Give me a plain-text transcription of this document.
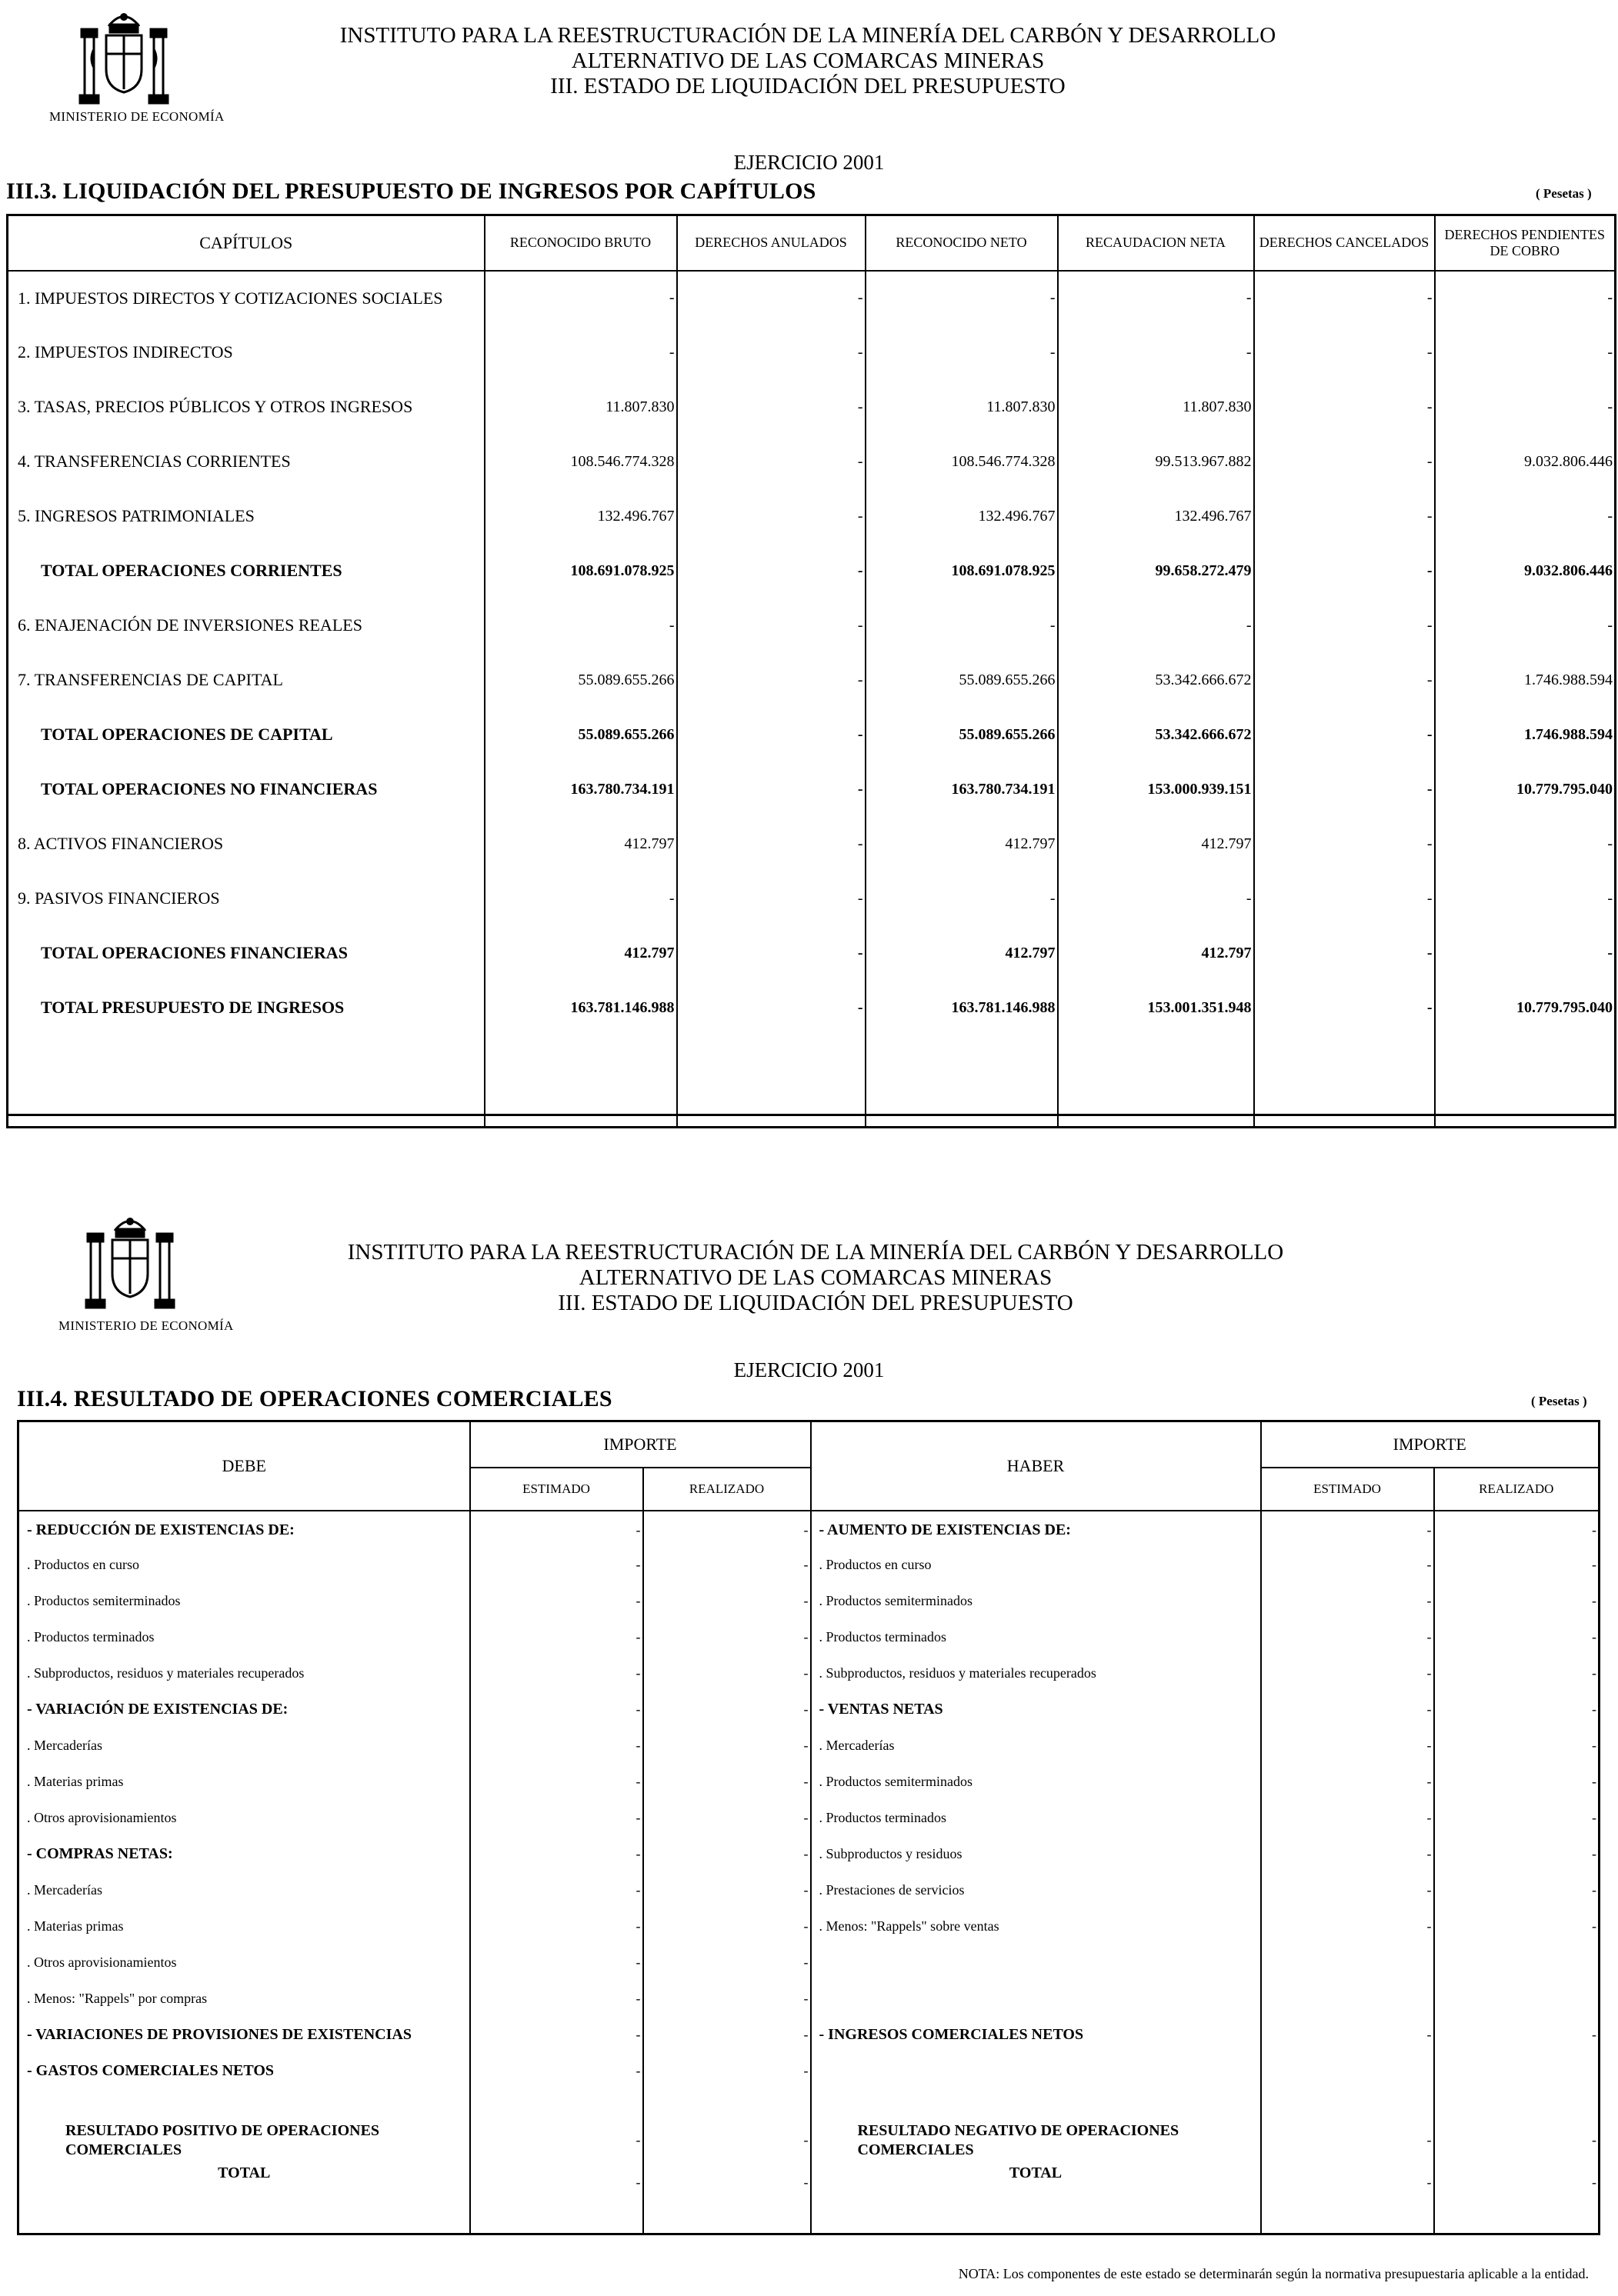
MINISTERIO DE ECONOMÍA
INSTITUTO PARA LA REESTRUCTURACIÓN DE LA MINERÍA DEL CARBÓN Y DESARROLLO
ALTERNATIVO DE LAS COMARCAS MINERAS
III. ESTADO DE LIQUIDACIÓN DEL PRESUPUESTO
EJERCICIO 2001
III.3. LIQUIDACIÓN DEL PRESUPUESTO DE INGRESOS POR CAPÍTULOS	( Pesetas )
CAPÍTULOS	RECONOCIDO BRUTO	DERECHOS ANULADOS	RECONOCIDO NETO	RECAUDACION NETA	DERECHOS CANCELADOS	DERECHOS PENDIENTES DE COBRO
1. IMPUESTOS DIRECTOS Y COTIZACIONES SOCIALES	-	-	-	-	-	-
2. IMPUESTOS INDIRECTOS	-	-	-	-	-	-
3. TASAS, PRECIOS PÚBLICOS Y OTROS INGRESOS	11.807.830	-	11.807.830	11.807.830	-	-
4. TRANSFERENCIAS CORRIENTES	108.546.774.328	-	108.546.774.328	99.513.967.882	-	9.032.806.446
5. INGRESOS PATRIMONIALES	132.496.767	-	132.496.767	132.496.767	-	-
TOTAL OPERACIONES CORRIENTES	108.691.078.925	-	108.691.078.925	99.658.272.479	-	9.032.806.446
6. ENAJENACIÓN DE INVERSIONES REALES	-	-	-	-	-	-
7. TRANSFERENCIAS DE CAPITAL	55.089.655.266	-	55.089.655.266	53.342.666.672	-	1.746.988.594
TOTAL OPERACIONES DE CAPITAL	55.089.655.266	-	55.089.655.266	53.342.666.672	-	1.746.988.594
TOTAL OPERACIONES NO FINANCIERAS	163.780.734.191	-	163.780.734.191	153.000.939.151	-	10.779.795.040
8. ACTIVOS FINANCIEROS	412.797	-	412.797	412.797	-	-
9. PASIVOS FINANCIEROS	-	-	-	-	-	-
TOTAL OPERACIONES FINANCIERAS	412.797	-	412.797	412.797	-	-
TOTAL PRESUPUESTO DE INGRESOS	163.781.146.988	-	163.781.146.988	153.001.351.948	-	10.779.795.040

MINISTERIO DE ECONOMÍA
INSTITUTO PARA LA REESTRUCTURACIÓN DE LA MINERÍA DEL CARBÓN Y DESARROLLO
ALTERNATIVO DE LAS COMARCAS MINERAS
III. ESTADO DE LIQUIDACIÓN DEL PRESUPUESTO
EJERCICIO 2001
III.4. RESULTADO DE OPERACIONES COMERCIALES	( Pesetas )
DEBE	IMPORTE		HABER	IMPORTE	
	ESTIMADO	REALIZADO		ESTIMADO	REALIZADO
- REDUCCIÓN DE EXISTENCIAS DE:	-	-	- AUMENTO DE EXISTENCIAS DE:	-	-
. Productos en curso	-	-	. Productos en curso	-	-
. Productos semiterminados	-	-	. Productos semiterminados	-	-
. Productos terminados	-	-	. Productos terminados	-	-
. Subproductos, residuos y materiales recuperados	-	-	. Subproductos, residuos y materiales recuperados	-	-
- VARIACIÓN DE EXISTENCIAS DE:	-	-	- VENTAS NETAS	-	-
. Mercaderías	-	-	. Mercaderías	-	-
. Materias primas	-	-	. Productos semiterminados	-	-
. Otros aprovisionamientos	-	-	. Productos terminados	-	-
- COMPRAS NETAS:	-	-	. Subproductos y residuos	-	-
. Mercaderías	-	-	. Prestaciones de servicios	-	-
. Materias primas	-	-	. Menos: "Rappels" sobre ventas	-	-
. Otros aprovisionamientos	-	-			
. Menos: "Rappels" por compras	-	-			
- VARIACIONES DE PROVISIONES DE EXISTENCIAS	-	-	- INGRESOS COMERCIALES NETOS	-	-
- GASTOS COMERCIALES NETOS	-	-			

RESULTADO POSITIVO DE OPERACIONES COMERCIALES	-	-	RESULTADO NEGATIVO DE OPERACIONES COMERCIALES	-	-
TOTAL	-	-	TOTAL	-	-

NOTA: Los componentes de este estado se determinarán según la normativa presupuestaria aplicable a la entidad.
